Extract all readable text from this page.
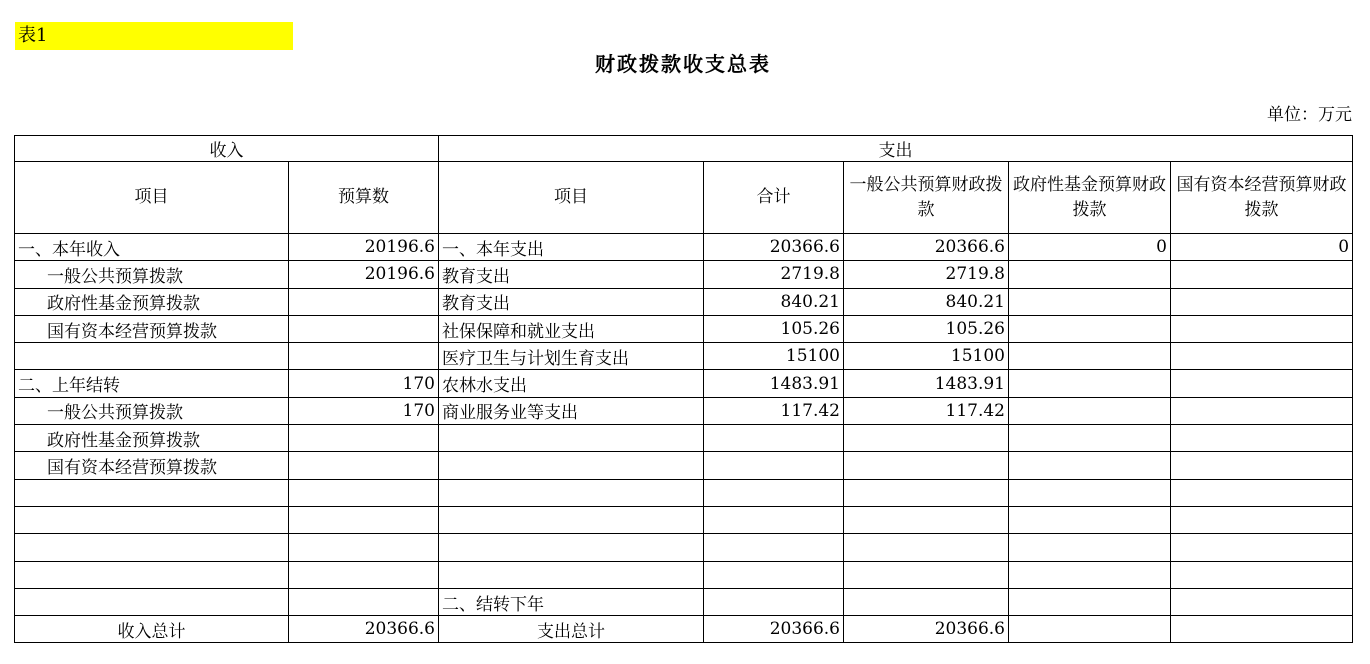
表1
财政拨款收支总表
单位：万元
收入		支出				
项目	预算数	项目	合计	一般公共预算财政拨款	政府性基金预算财政拨款	国有资本经营预算财政拨款
一、本年收入	20196.6	一、本年支出	20366.6	20366.6	0	0
一般公共预算拨款	20196.6	教育支出	2719.8	2719.8		
政府性基金预算拨款		教育支出	840.21	840.21		
国有资本经营预算拨款		社保保障和就业支出	105.26	105.26		
		医疗卫生与计划生育支出	15100	15100		
二、上年结转	170	农林水支出	1483.91	1483.91		
一般公共预算拨款	170	商业服务业等支出	117.42	117.42		
政府性基金预算拨款						
国有资本经营预算拨款						

		二、结转下年				
收入总计	20366.6	支出总计	20366.6	20366.6		
